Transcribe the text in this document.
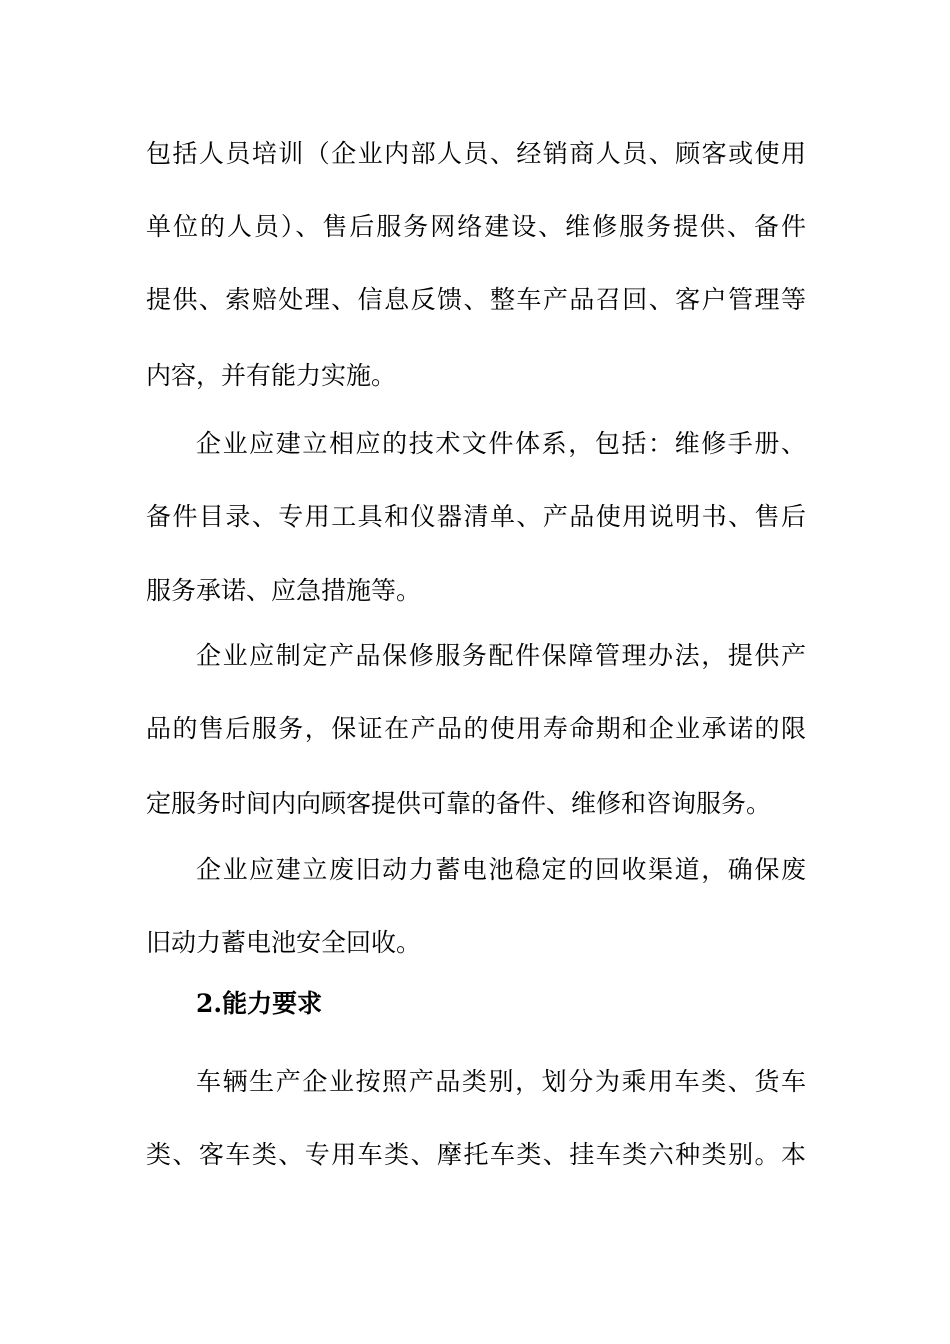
包括人员培训（企业内部人员、经销商人员、顾客或使用
单位的人员）、售后服务网络建设、维修服务提供、备件
提供、索赔处理、信息反馈、整车产品召回、客户管理等
内容，并有能力实施。
企业应建立相应的技术文件体系，包括：维修手册、
备件目录、专用工具和仪器清单、产品使用说明书、售后
服务承诺、应急措施等。
企业应制定产品保修服务配件保障管理办法，提供产
品的售后服务，保证在产品的使用寿命期和企业承诺的限
定服务时间内向顾客提供可靠的备件、维修和咨询服务。
企业应建立废旧动力蓄电池稳定的回收渠道，确保废
旧动力蓄电池安全回收。
2.能力要求
车辆生产企业按照产品类别，划分为乘用车类、货车
类、客车类、专用车类、摩托车类、挂车类六种类别。本
